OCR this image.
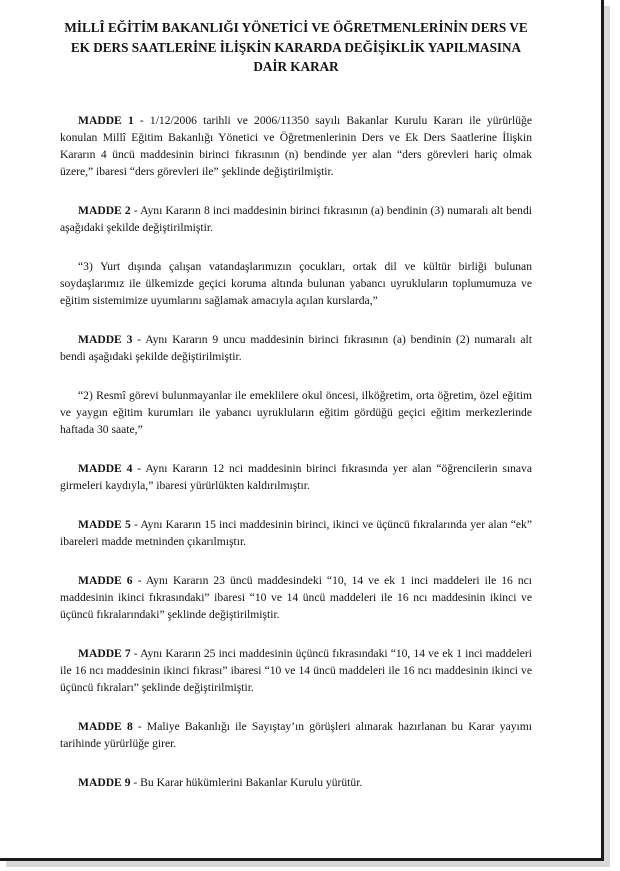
MİLLÎ EĞİTİM BAKANLIĞI YÖNETİCİ VE ÖĞRETMENLERİNİN DERS VE EK DERS SAATLERİNE İLİŞKİN KARARDA DEĞİŞİKLİK YAPILMASINA DAİR KARAR

MADDE 1 - 1/12/2006 tarihli ve 2006/11350 sayılı Bakanlar Kurulu Kararı ile yürürlüğe konulan Millî Eğitim Bakanlığı Yönetici ve Öğretmenlerinin Ders ve Ek Ders Saatlerine İlişkin Kararın 4 üncü maddesinin birinci fıkrasının (n) bendinde yer alan “ders görevleri hariç olmak üzere,” ibaresi “ders görevleri ile” şeklinde değiştirilmiştir.

MADDE 2 - Aynı Kararın 8 inci maddesinin birinci fıkrasının (a) bendinin (3) numaralı alt bendi aşağıdaki şekilde değiştirilmiştir.

“3) Yurt dışında çalışan vatandaşlarımızın çocukları, ortak dil ve kültür birliği bulunan soydaşlarımız ile ülkemizde geçici koruma altında bulunan yabancı uyrukluların toplumumuza ve eğitim sistemimize uyumlarını sağlamak amacıyla açılan kurslarda,”

MADDE 3 - Aynı Kararın 9 uncu maddesinin birinci fıkrasının (a) bendinin (2) numaralı alt bendi aşağıdaki şekilde değiştirilmiştir.

“2) Resmî görevi bulunmayanlar ile emeklilere okul öncesi, ilköğretim, orta öğretim, özel eğitim ve yaygın eğitim kurumları ile yabancı uyrukluların eğitim gördüğü geçici eğitim merkezlerinde haftada 30 saate,”

MADDE 4 - Aynı Kararın 12 nci maddesinin birinci fıkrasında yer alan “öğrencilerin sınava girmeleri kaydıyla,” ibaresi yürürlükten kaldırılmıştır.

MADDE 5 - Aynı Kararın 15 inci maddesinin birinci, ikinci ve üçüncü fıkralarında yer alan “ek” ibareleri madde metninden çıkarılmıştır.

MADDE 6 - Aynı Kararın 23 üncü maddesindeki “10, 14 ve ek 1 inci maddeleri ile 16 ncı maddesinin ikinci fıkrasındaki” ibaresi “10 ve 14 üncü maddeleri ile 16 ncı maddesinin ikinci ve üçüncü fıkralarındaki” şeklinde değiştirilmiştir.

MADDE 7 - Aynı Kararın 25 inci maddesinin üçüncü fıkrasındaki “10, 14 ve ek 1 inci maddeleri ile 16 ncı maddesinin ikinci fıkrası” ibaresi “10 ve 14 üncü maddeleri ile 16 ncı maddesinin ikinci ve üçüncü fıkraları” şeklinde değiştirilmiştir.

MADDE 8 - Maliye Bakanlığı ile Sayıştay’ın görüşleri alınarak hazırlanan bu Karar yayımı tarihinde yürürlüğe girer.

MADDE 9 - Bu Karar hükümlerini Bakanlar Kurulu yürütür.
